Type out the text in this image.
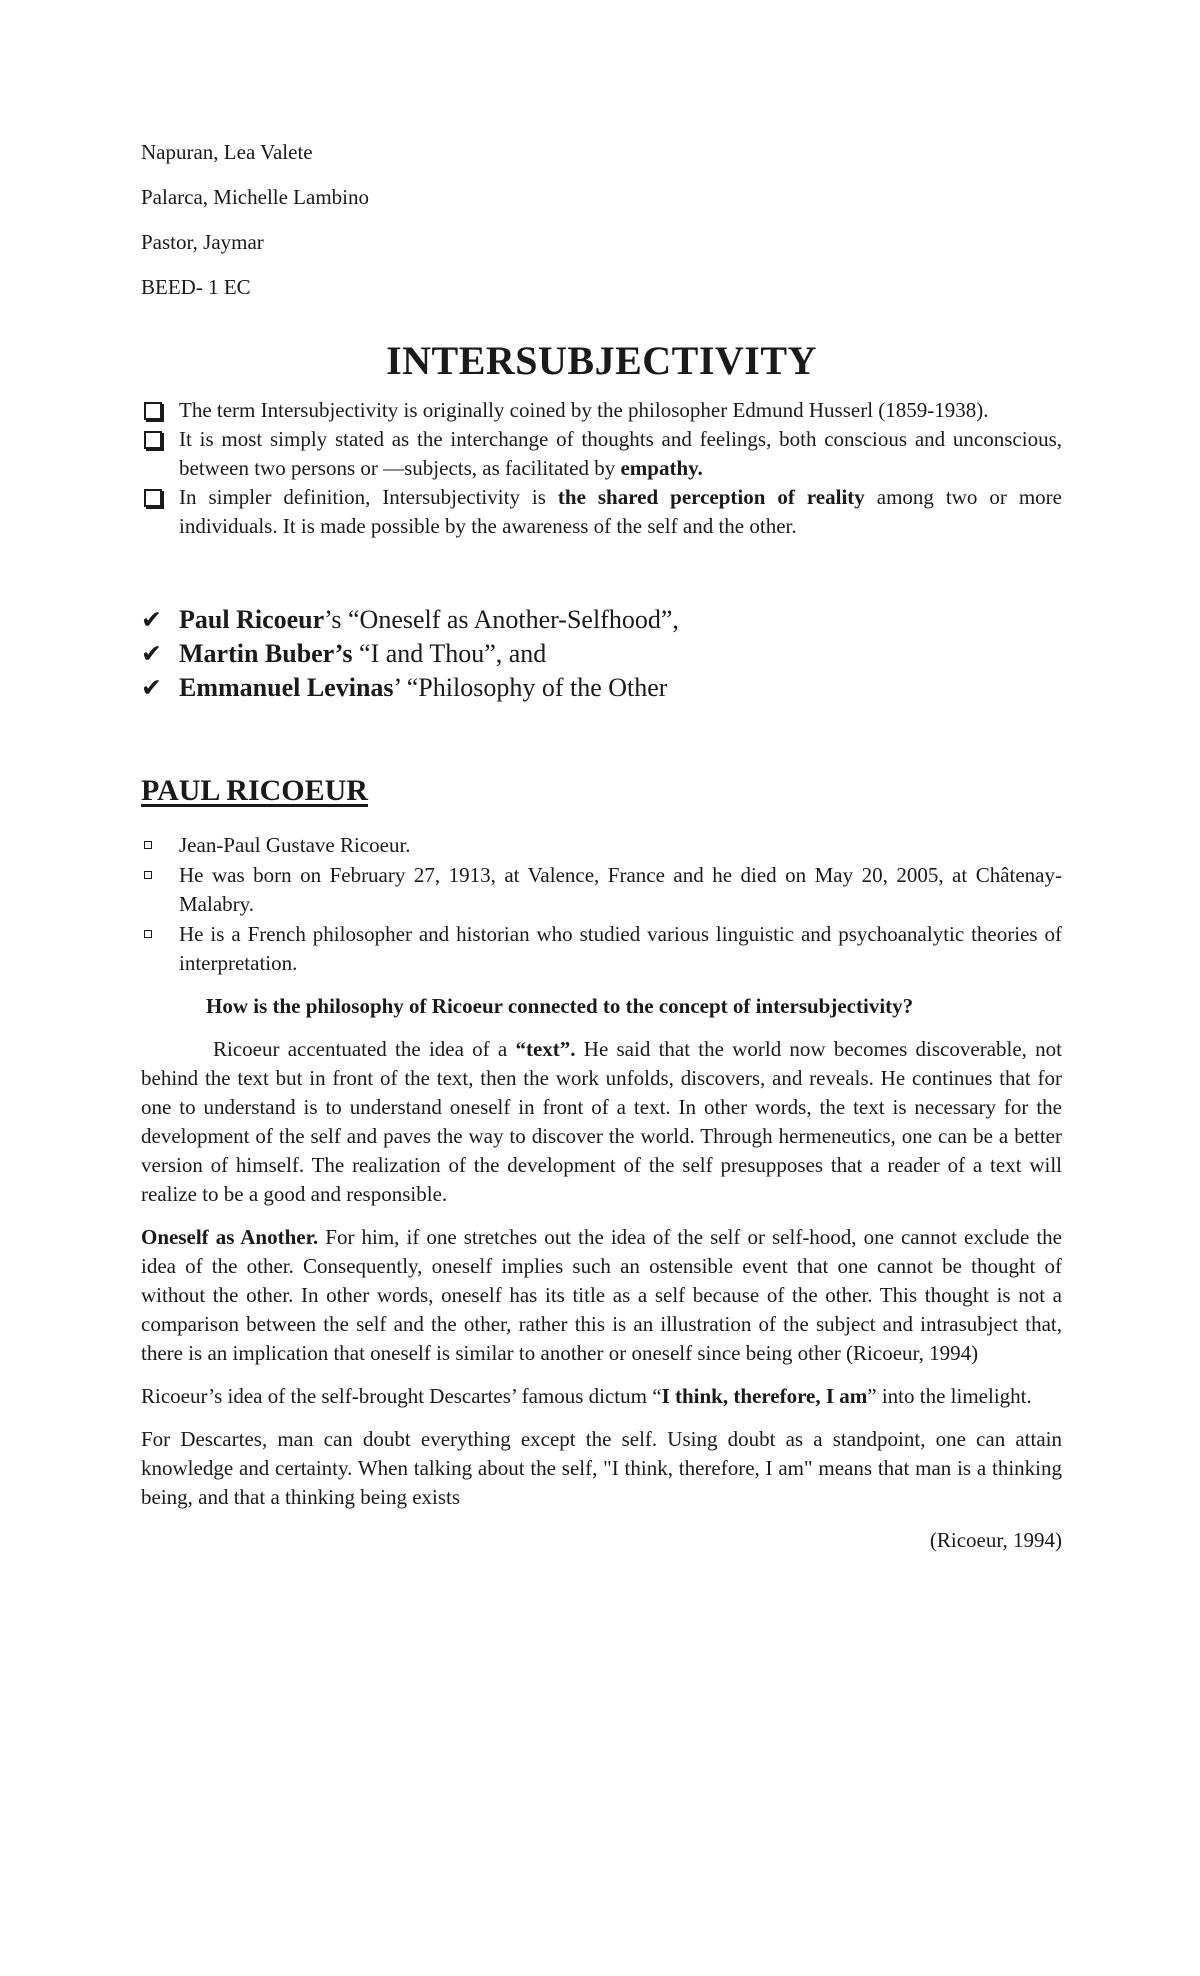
Napuran, Lea Valete
Palarca, Michelle Lambino
Pastor, Jaymar
BEED- 1 EC
INTERSUBJECTIVITY
The term Intersubjectivity is originally coined by the philosopher Edmund Husserl (1859-1938).
It is most simply stated as the interchange of thoughts and feelings, both conscious and unconscious, between two persons or ―subjects, as facilitated by empathy.
In simpler definition, Intersubjectivity is the shared perception of reality among two or more individuals. It is made possible by the awareness of the self and the other.
✔ Paul Ricoeur’s “Oneself as Another-Selfhood”,
✔ Martin Buber’s “I and Thou”, and
✔ Emmanuel Levinas’ “Philosophy of the Other
PAUL RICOEUR
Jean-Paul Gustave Ricoeur.
He was born on February 27, 1913, at Valence, France and he died on May 20, 2005, at Châtenay-Malabry.
He is a French philosopher and historian who studied various linguistic and psychoanalytic theories of interpretation.
How is the philosophy of Ricoeur connected to the concept of intersubjectivity?

Ricoeur accentuated the idea of a “text”. He said that the world now becomes discoverable, not behind the text but in front of the text, then the work unfolds, discovers, and reveals. He continues that for one to understand is to understand oneself in front of a text. In other words, the text is necessary for the development of the self and paves the way to discover the world. Through hermeneutics, one can be a better version of himself. The realization of the development of the self presupposes that a reader of a text will realize to be a good and responsible.

Oneself as Another. For him, if one stretches out the idea of the self or self-hood, one cannot exclude the idea of the other. Consequently, oneself implies such an ostensible event that one cannot be thought of without the other. In other words, oneself has its title as a self because of the other. This thought is not a comparison between the self and the other, rather this is an illustration of the subject and intrasubject that, there is an implication that oneself is similar to another or oneself since being other (Ricoeur, 1994)

Ricoeur’s idea of the self-brought Descartes’ famous dictum “I think, therefore, I am” into the limelight.

For Descartes, man can doubt everything except the self. Using doubt as a standpoint, one can attain knowledge and certainty. When talking about the self, "I think, therefore, I am" means that man is a thinking being, and that a thinking being exists

(Ricoeur, 1994)
